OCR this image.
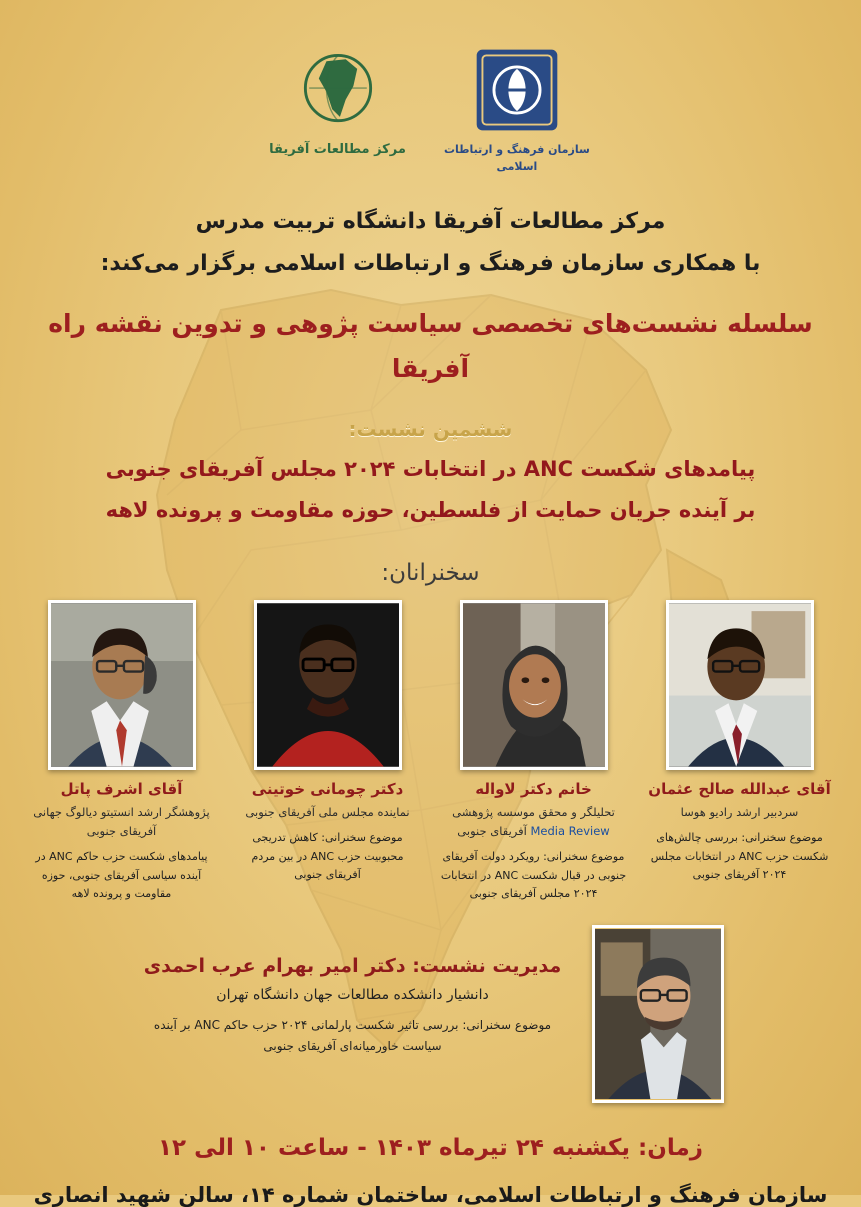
سازمان فرهنگ و ارتباطات اسلامی
مرکز مطالعات آفریقا
مرکز مطالعات آفریقا دانشگاه تربیت مدرس
با همکاری سازمان فرهنگ و ارتباطات اسلامی برگزار می‌کند:
سلسله نشست‌های تخصصی سیاست پژوهی و تدوین نقشه راه آفریقا
ششمین نشست:
پیامدهای شکست ANC در انتخابات ۲۰۲۴ مجلس آفریقای جنوبی
بر آینده جریان حمایت از فلسطین، حوزه مقاومت و پرونده لاهه
سخنرانان:
آقای عبدالله صالح عثمان
سردبیر ارشد رادیو هوسا
موضوع سخنرانی: بررسی چالش‌های شکست حزب ANC در انتخابات مجلس ۲۰۲۴ آفریقای جنوبی
خانم دکتر لاواله
تحلیلگر و محقق موسسه پژوهشی Media Review آفریقای جنوبی
موضوع سخنرانی: رویکرد دولت آفریقای جنوبی در قبال شکست ANC در انتخابات ۲۰۲۴ مجلس آفریقای جنوبی
دکتر چومانی خوتینی
نماینده مجلس ملی آفریقای جنوبی
موضوع سخنرانی: کاهش تدریجی محبوبیت حزب ANC در بین مردم آفریقای جنوبی
آقای اشرف پاتل
پژوهشگر ارشد انستیتو دیالوگ جهانی آفریقای جنوبی
پیامدهای شکست حزب حاکم ANC در آینده سیاسی آفریقای جنوبی، حوزه مقاومت و پرونده لاهه
مدیریت نشست: دکتر امیر بهرام عرب احمدی
دانشیار دانشکده مطالعات جهان دانشگاه تهران
موضوع سخنرانی: بررسی تاثیر شکست پارلمانی ۲۰۲۴ حزب حاکم ANC بر آینده سیاست خاورمیانه‌ای آفریقای جنوبی
زمان: یکشنبه ۲۴ تیرماه ۱۴۰۳ - ساعت ۱۰ الی ۱۲
سازمان فرهنگ و ارتباطات اسلامی، ساختمان شماره ۱۴، سالن شهید انصاری
